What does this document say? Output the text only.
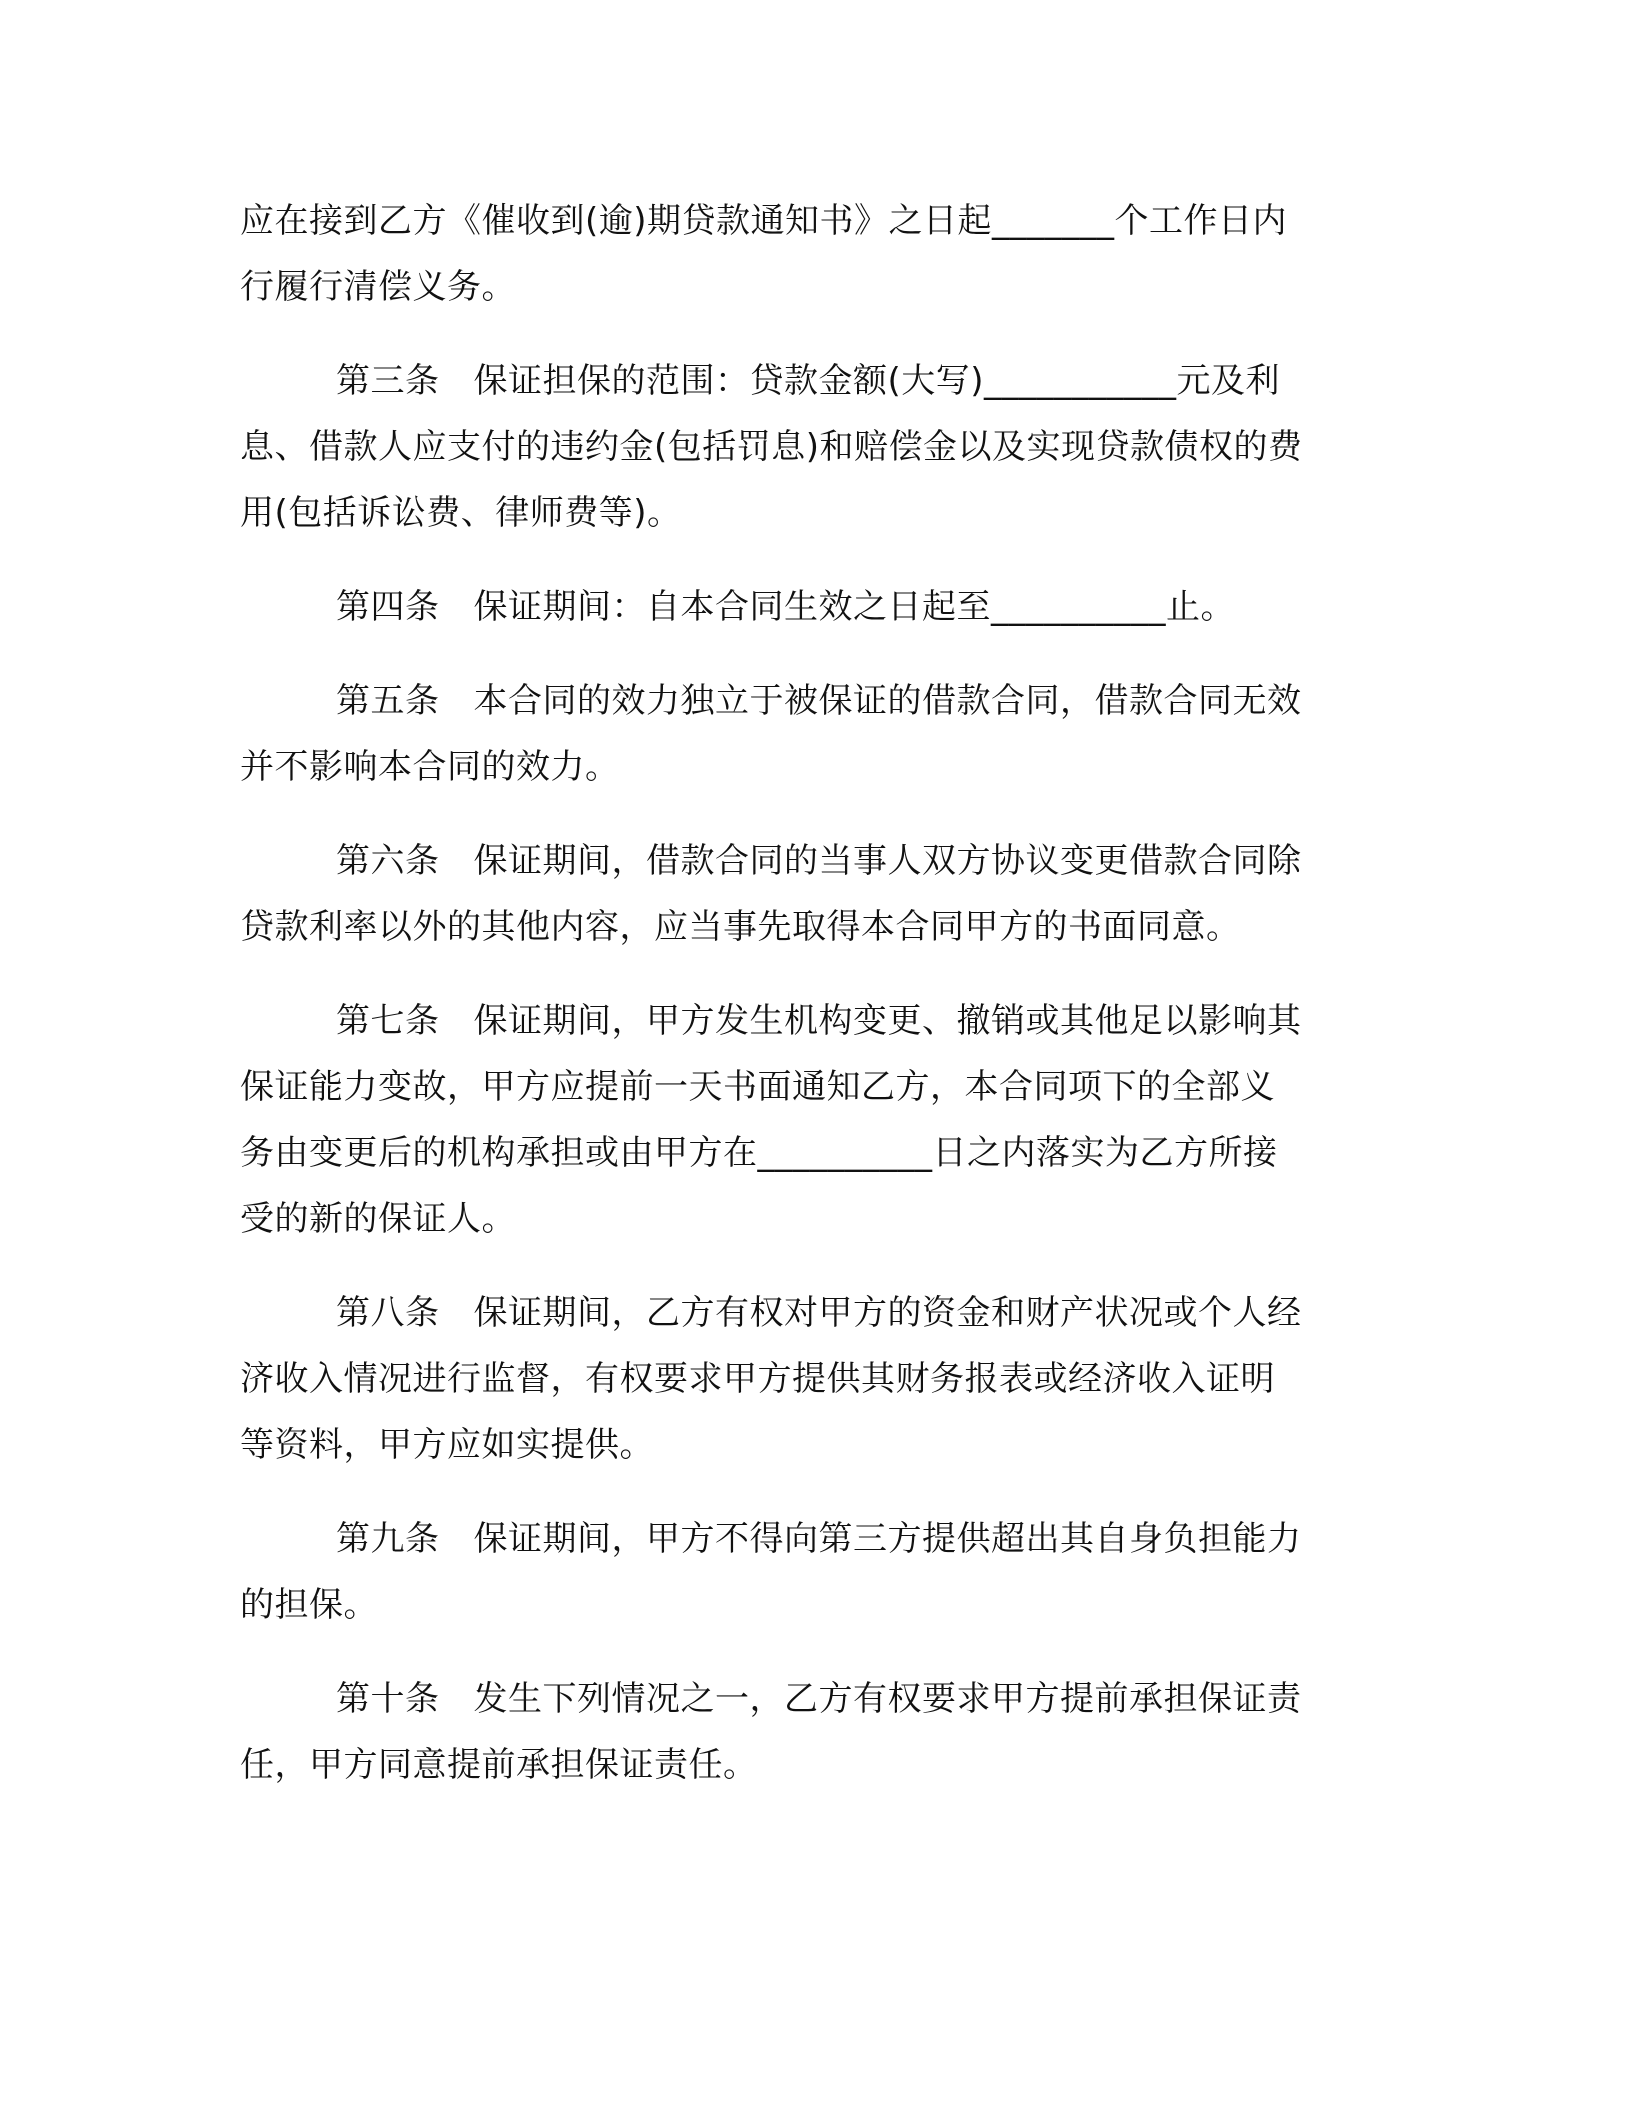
应在接到乙方《催收到(逾)期贷款通知书》之日起_______个工作日内
行履行清偿义务。

第三条 保证担保的范围：贷款金额(大写)___________元及利
息、借款人应支付的违约金(包括罚息)和赔偿金以及实现贷款债权的费
用(包括诉讼费、律师费等)。

第四条 保证期间：自本合同生效之日起至__________止。

第五条 本合同的效力独立于被保证的借款合同，借款合同无效
并不影响本合同的效力。

第六条 保证期间，借款合同的当事人双方协议变更借款合同除
贷款利率以外的其他内容，应当事先取得本合同甲方的书面同意。

第七条 保证期间，甲方发生机构变更、撤销或其他足以影响其
保证能力变故，甲方应提前一天书面通知乙方，本合同项下的全部义
务由变更后的机构承担或由甲方在__________日之内落实为乙方所接
受的新的保证人。

第八条 保证期间，乙方有权对甲方的资金和财产状况或个人经
济收入情况进行监督，有权要求甲方提供其财务报表或经济收入证明
等资料，甲方应如实提供。

第九条 保证期间，甲方不得向第三方提供超出其自身负担能力
的担保。

第十条 发生下列情况之一，乙方有权要求甲方提前承担保证责
任，甲方同意提前承担保证责任。
